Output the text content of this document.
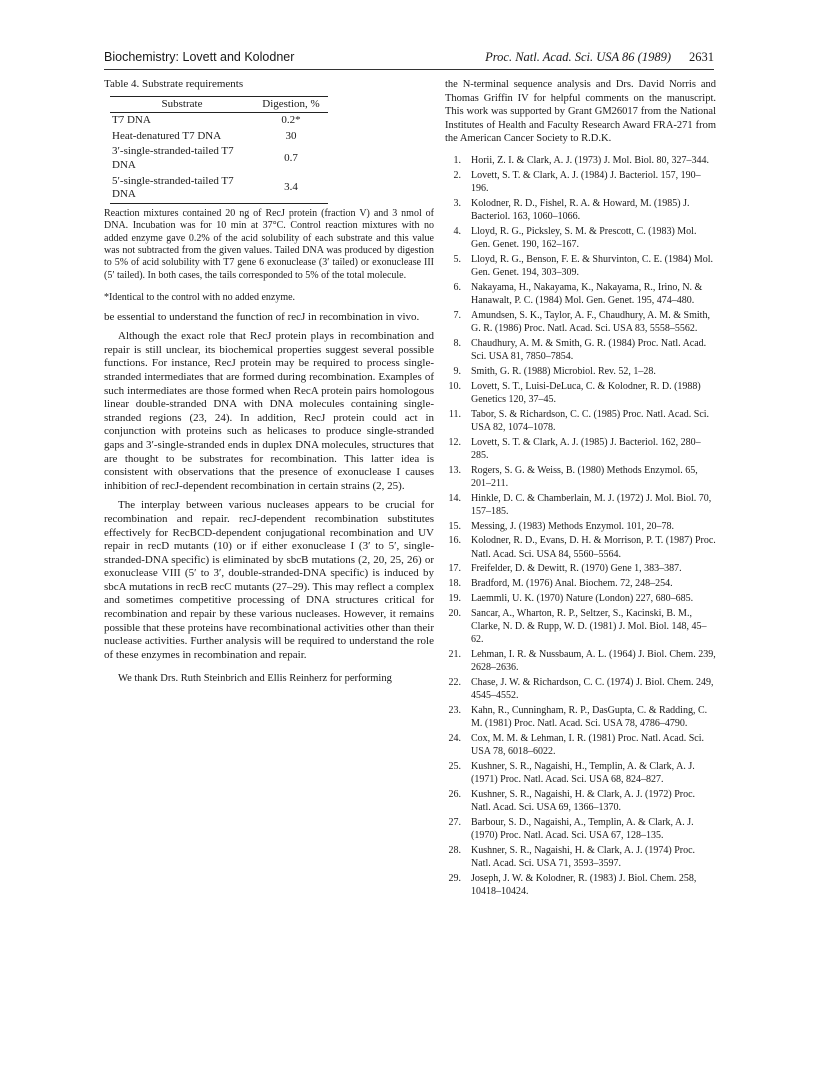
Biochemistry: Lovett and Kolodner	Proc. Natl. Acad. Sci. USA 86 (1989) 2631
Table 4. Substrate requirements
Substrate	Digestion, %
T7 DNA	0.2*
Heat-denatured T7 DNA	30
3′-single-stranded-tailed T7 DNA	0.7
5′-single-stranded-tailed T7 DNA	3.4

Reaction mixtures contained 20 ng of RecJ protein (fraction V) and 3 nmol of DNA. Incubation was for 10 min at 37°C. Control reaction mixtures with no added enzyme gave 0.2% of the acid solubility of each substrate and this value was not subtracted from the given values. Tailed DNA was produced by digestion to 5% of acid solubility with T7 gene 6 exonuclease (3′ tailed) or exonuclease III (5′ tailed). In both cases, the tails corresponded to 5% of the total molecule.

*Identical to the control with no added enzyme.

be essential to understand the function of recJ in recombination in vivo.

Although the exact role that RecJ protein plays in recombination and repair is still unclear, its biochemical properties suggest several possible functions. For instance, RecJ protein may be required to process single-stranded intermediates that are formed during recombination. Examples of such intermediates are those formed when RecA protein pairs homologous linear double-stranded DNA with DNA molecules containing single-stranded regions (23, 24). In addition, RecJ protein could act in conjunction with proteins such as helicases to produce single-stranded gaps and 3′-single-stranded ends in duplex DNA molecules, structures that are thought to be substrates for recombination. This latter idea is consistent with observations that the presence of exonuclease I causes inhibition of recJ-dependent recombination in certain strains (2, 25).

The interplay between various nucleases appears to be crucial for recombination and repair. recJ-dependent recombination substitutes effectively for RecBCD-dependent conjugational recombination and UV repair in recD mutants (10) or if either exonuclease I (3′ to 5′, single-stranded-DNA specific) is eliminated by sbcB mutations (2, 20, 25, 26) or exonuclease VIII (5′ to 3′, double-stranded-DNA specific) is induced by sbcA mutations in recB recC mutants (27–29). This may reflect a complex and sometimes competitive processing of DNA structures critical for recombination and repair by these various nucleases. However, it remains possible that these proteins have recombinational activities other than their nuclease activities. Further analysis will be required to understand the role of these enzymes in recombination and repair.

We thank Drs. Ruth Steinbrich and Ellis Reinherz for performing

the N-terminal sequence analysis and Drs. David Norris and Thomas Griffin IV for helpful comments on the manuscript. This work was supported by Grant GM26017 from the National Institutes of Health and Faculty Research Award FRA-271 from the American Cancer Society to R.D.K.

1.	Horii, Z. I. & Clark, A. J. (1973) J. Mol. Biol. 80, 327–344.
2.	Lovett, S. T. & Clark, A. J. (1984) J. Bacteriol. 157, 190–196.
3.	Kolodner, R. D., Fishel, R. A. & Howard, M. (1985) J. Bacteriol. 163, 1060–1066.
4.	Lloyd, R. G., Picksley, S. M. & Prescott, C. (1983) Mol. Gen. Genet. 190, 162–167.
5.	Lloyd, R. G., Benson, F. E. & Shurvinton, C. E. (1984) Mol. Gen. Genet. 194, 303–309.
6.	Nakayama, H., Nakayama, K., Nakayama, R., Irino, N. & Hanawalt, P. C. (1984) Mol. Gen. Genet. 195, 474–480.
7.	Amundsen, S. K., Taylor, A. F., Chaudhury, A. M. & Smith, G. R. (1986) Proc. Natl. Acad. Sci. USA 83, 5558–5562.
8.	Chaudhury, A. M. & Smith, G. R. (1984) Proc. Natl. Acad. Sci. USA 81, 7850–7854.
9.	Smith, G. R. (1988) Microbiol. Rev. 52, 1–28.
10.	Lovett, S. T., Luisi-DeLuca, C. & Kolodner, R. D. (1988) Genetics 120, 37–45.
11.	Tabor, S. & Richardson, C. C. (1985) Proc. Natl. Acad. Sci. USA 82, 1074–1078.
12.	Lovett, S. T. & Clark, A. J. (1985) J. Bacteriol. 162, 280–285.
13.	Rogers, S. G. & Weiss, B. (1980) Methods Enzymol. 65, 201–211.
14.	Hinkle, D. C. & Chamberlain, M. J. (1972) J. Mol. Biol. 70, 157–185.
15.	Messing, J. (1983) Methods Enzymol. 101, 20–78.
16.	Kolodner, R. D., Evans, D. H. & Morrison, P. T. (1987) Proc. Natl. Acad. Sci. USA 84, 5560–5564.
17.	Freifelder, D. & Dewitt, R. (1970) Gene 1, 383–387.
18.	Bradford, M. (1976) Anal. Biochem. 72, 248–254.
19.	Laemmli, U. K. (1970) Nature (London) 227, 680–685.
20.	Sancar, A., Wharton, R. P., Seltzer, S., Kacinski, B. M., Clarke, N. D. & Rupp, W. D. (1981) J. Mol. Biol. 148, 45–62.
21.	Lehman, I. R. & Nussbaum, A. L. (1964) J. Biol. Chem. 239, 2628–2636.
22.	Chase, J. W. & Richardson, C. C. (1974) J. Biol. Chem. 249, 4545–4552.
23.	Kahn, R., Cunningham, R. P., DasGupta, C. & Radding, C. M. (1981) Proc. Natl. Acad. Sci. USA 78, 4786–4790.
24.	Cox, M. M. & Lehman, I. R. (1981) Proc. Natl. Acad. Sci. USA 78, 6018–6022.
25.	Kushner, S. R., Nagaishi, H., Templin, A. & Clark, A. J. (1971) Proc. Natl. Acad. Sci. USA 68, 824–827.
26.	Kushner, S. R., Nagaishi, H. & Clark, A. J. (1972) Proc. Natl. Acad. Sci. USA 69, 1366–1370.
27.	Barbour, S. D., Nagaishi, A., Templin, A. & Clark, A. J. (1970) Proc. Natl. Acad. Sci. USA 67, 128–135.
28.	Kushner, S. R., Nagaishi, H. & Clark, A. J. (1974) Proc. Natl. Acad. Sci. USA 71, 3593–3597.
29.	Joseph, J. W. & Kolodner, R. (1983) J. Biol. Chem. 258, 10418–10424.
